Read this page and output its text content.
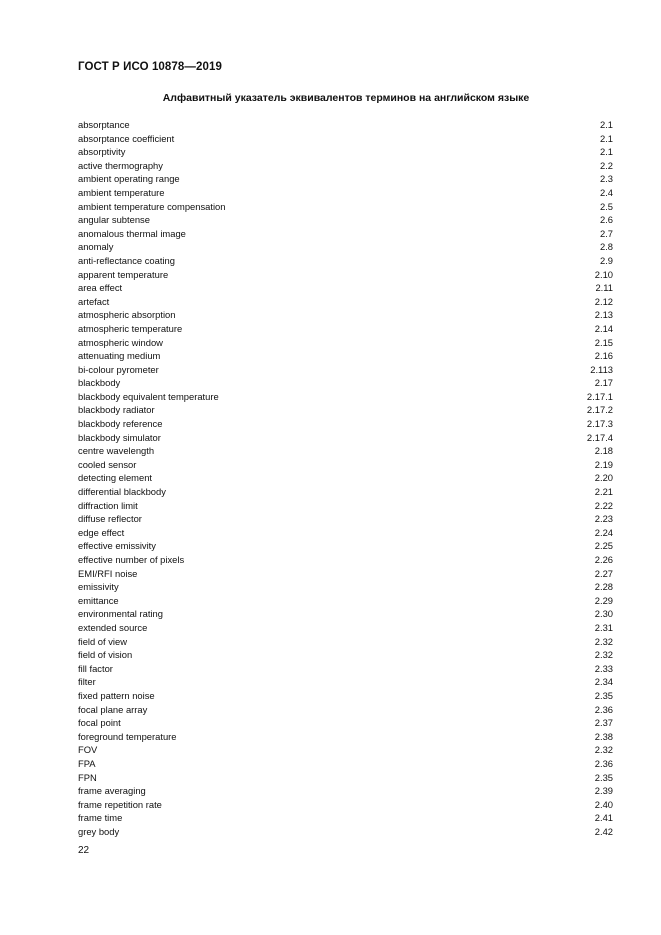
ГОСТ Р ИСО 10878—2019
Алфавитный указатель эквивалентов терминов на английском языке
absorptance	2.1
absorptance coefficient	2.1
absorptivity	2.1
active thermography	2.2
ambient operating range	2.3
ambient temperature	2.4
ambient temperature compensation	2.5
angular subtense	2.6
anomalous thermal image	2.7
anomaly	2.8
anti-reflectance coating	2.9
apparent temperature	2.10
area effect	2.11
artefact	2.12
atmospheric absorption	2.13
atmospheric temperature	2.14
atmospheric window	2.15
attenuating medium	2.16
bi-colour pyrometer	2.113
blackbody	2.17
blackbody equivalent temperature	2.17.1
blackbody radiator	2.17.2
blackbody reference	2.17.3
blackbody simulator	2.17.4
centre wavelength	2.18
cooled sensor	2.19
detecting element	2.20
differential blackbody	2.21
diffraction limit	2.22
diffuse reflector	2.23
edge effect	2.24
effective emissivity	2.25
effective number of pixels	2.26
EMI/RFI noise	2.27
emissivity	2.28
emittance	2.29
environmental rating	2.30
extended source	2.31
field of view	2.32
field of vision	2.32
fill factor	2.33
filter	2.34
fixed pattern noise	2.35
focal plane array	2.36
focal point	2.37
foreground temperature	2.38
FOV	2.32
FPA	2.36
FPN	2.35
frame averaging	2.39
frame repetition rate	2.40
frame time	2.41
grey body	2.42
22
